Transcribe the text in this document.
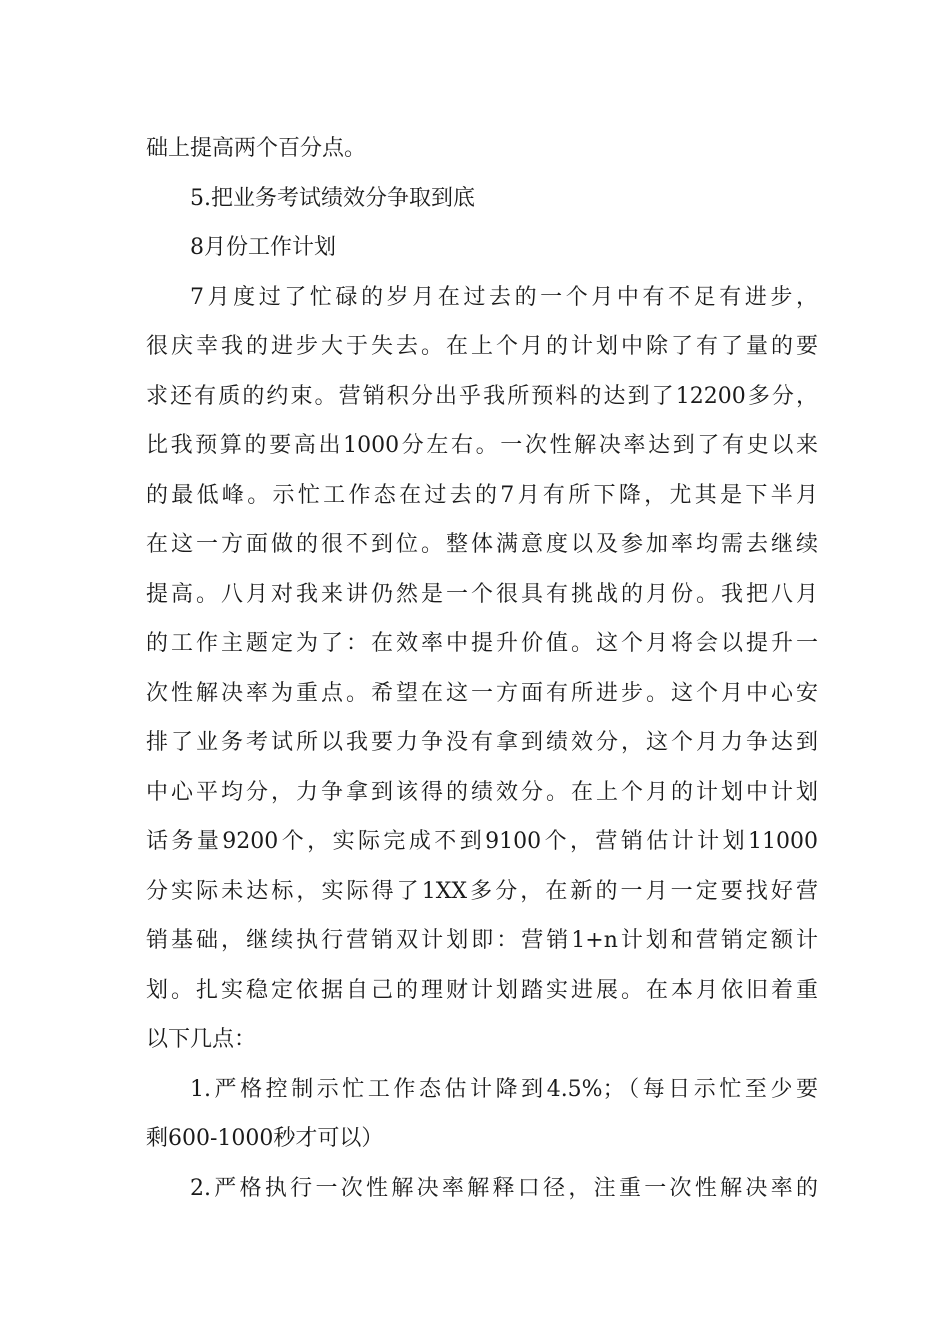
础上提高两个百分点。
5.把业务考试绩效分争取到底
8月份工作计划
7月度过了忙碌的岁月在过去的一个月中有不足有进步，
很庆幸我的进步大于失去。在上个月的计划中除了有了量的要
求还有质的约束。营销积分出乎我所预料的达到了12200多分，
比我预算的要高出1000分左右。一次性解决率达到了有史以来
的最低峰。示忙工作态在过去的7月有所下降，尤其是下半月
在这一方面做的很不到位。整体满意度以及参加率均需去继续
提高。八月对我来讲仍然是一个很具有挑战的月份。我把八月
的工作主题定为了：在效率中提升价值。这个月将会以提升一
次性解决率为重点。希望在这一方面有所进步。这个月中心安
排了业务考试所以我要力争没有拿到绩效分，这个月力争达到
中心平均分，力争拿到该得的绩效分。在上个月的计划中计划
话务量9200个，实际完成不到9100个，营销估计计划11000
分实际未达标，实际得了1XX多分，在新的一月一定要找好营
销基础，继续执行营销双计划即：营销1+n计划和营销定额计
划。扎实稳定依据自己的理财计划踏实进展。在本月依旧着重
以下几点：
1.严格控制示忙工作态估计降到4.5%；（每日示忙至少要
剩600-1000秒才可以）
2.严格执行一次性解决率解释口径，注重一次性解决率的
